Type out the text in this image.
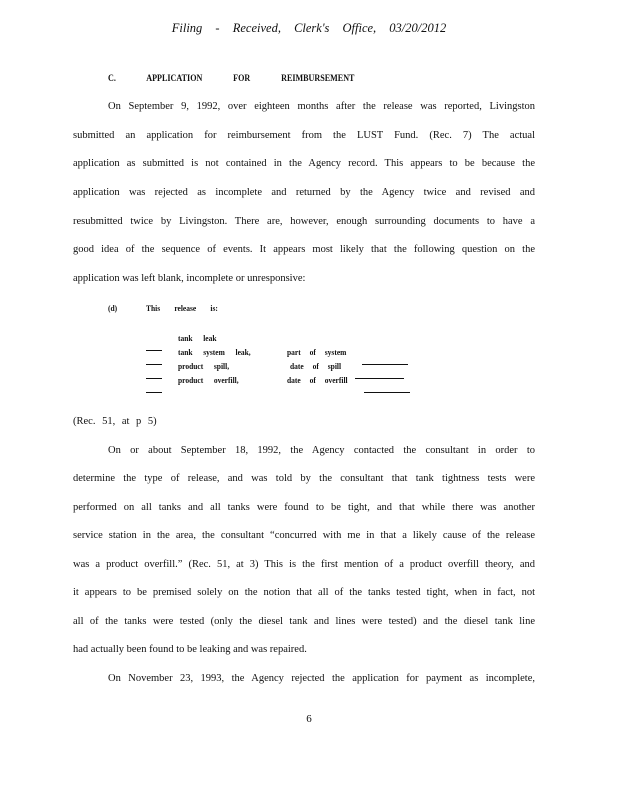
Filing - Received, Clerk's Office, 03/20/2012
C. APPLICATION FOR REIMBURSEMENT
On September 9, 1992, over eighteen months after the release was reported, Livingston
submitted an application for reimbursement from the LUST Fund. (Rec. 7) The actual
application as submitted is not contained in the Agency record. This appears to be because the
application was rejected as incomplete and returned by the Agency twice and revised and
resubmitted twice by Livingston. There are, however, enough surrounding documents to have a
good idea of the sequence of events. It appears most likely that the following question on the
application was left blank, incomplete or unresponsive:
(d)	This release is:
tank leak
tank system leak,	part of system
product spill,	date of spill
product overfill,	date of overfill
(Rec. 51, at p 5)
On or about September 18, 1992, the Agency contacted the consultant in order to
determine the type of release, and was told by the consultant that tank tightness tests were
performed on all tanks and all tanks were found to be tight, and that while there was another
service station in the area, the consultant “concurred with me in that a likely cause of the release
was a product overfill.” (Rec. 51, at 3) This is the first mention of a product overfill theory, and
it appears to be premised solely on the notion that all of the tanks tested tight, when in fact, not
all of the tanks were tested (only the diesel tank and lines were tested) and the diesel tank line
had actually been found to be leaking and was repaired.
On November 23, 1993, the Agency rejected the application for payment as incomplete,
6
